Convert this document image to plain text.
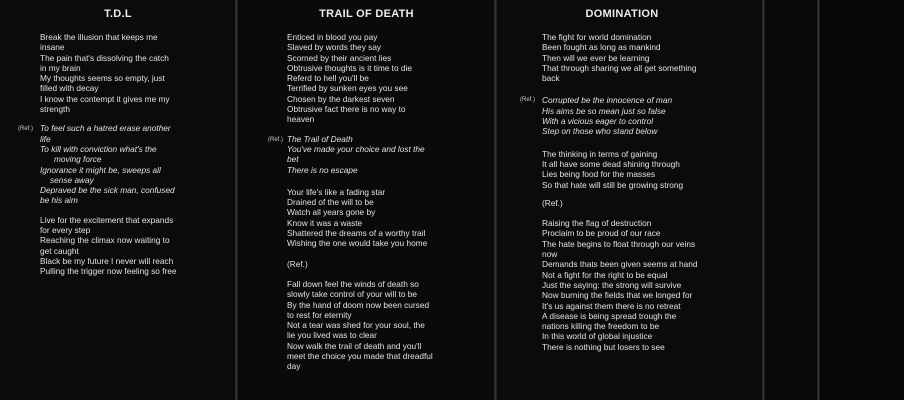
T.D.L
Break the illusion that keeps me
insane
The pain that's dissolving the catch
in my brain
My thoughts seems so empty, just
filled with decay
I know the contempt it gives me my
strength
To feel such a hatred erase another
life
To kill with conviction what's the
moving force
Ignorance it might be, sweeps all
sense away
Depraved be the sick man, confused
be his aim
Live for the excitement that expands
for every step
Reaching the climax now waiting to
get caught
Black be my future I never will reach
Pulling the trigger now feeling so free
(Ref.)
TRAIL OF DEATH
Enticed in blood you pay
Slaved by words they say
Scorned by their ancient lies
Obtrusive thoughts is it time to die
Referd to hell you'll be
Terrified by sunken eyes you see
Chosen by the darkest seven
Obtrusive fact there is no way to
heaven
The Trail of Death
You've made your choice and lost the
bet
There is no escape
Your life's like a fading star
Drained of the will to be
Watch all years gone by
Know it was a waste
Shattered the dreams of a worthy trail
Wishing the one would take you home
(Ref.)
Fall down feel the winds of death so
slowly take control of your will to be
By the hand of doom now been cursed
to rest for eternity
Not a tear was shed for your soul, the
lie you lived was to clear
Now walk the trail of death and you'll
meet the choice you made that dreadful
day
(Ref.)
DOMINATION
The fight for world domination
Been fought as long as mankind
Then will we ever be learning
That through sharing we all get something
back
Corrupted be the innocence of man
His aims be so mean just so false
With a vicious eager to control
Step on those who stand below
The thinking in terms of gaining
It all have some dead shining through
Lies being food for the masses
So that hate will still be growing strong
(Ref.)
Raising the flag of destruction
Proclaim to be proud of our race
The hate begins to float through our veins
now
Demands thats been given seems at hand
Not a fight for the right to be equal
Just the saying: the strong will survive
Now burning the fields that we longed for
It's us against them there is no retreat
A disease is being spread trough the
nations killing the freedom to be
In this world of global injustice
There is nothing but losers to see
(Ref.)
